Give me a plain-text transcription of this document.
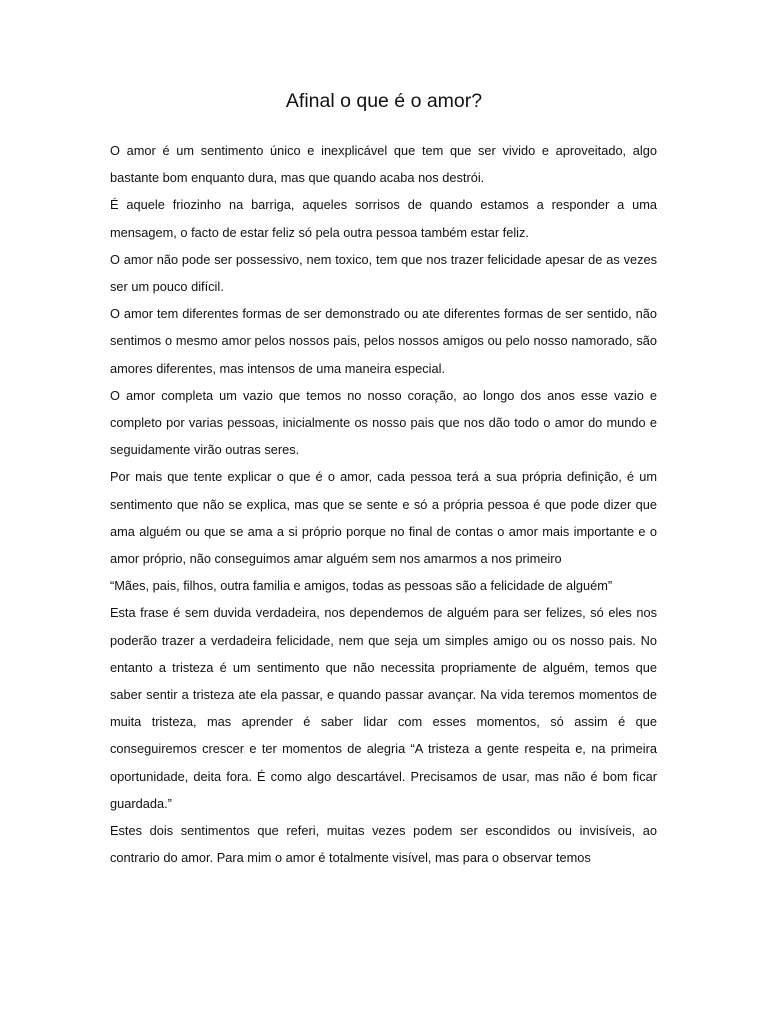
Afinal o que é o amor?

O amor é um sentimento único e inexplicável que tem que ser vivido e aproveitado, algo bastante bom enquanto dura, mas que quando acaba nos destrói.

É aquele friozinho na barriga, aqueles sorrisos de quando estamos a responder a uma mensagem, o facto de estar feliz só pela outra pessoa também estar feliz.

O amor não pode ser possessivo, nem toxico, tem que nos trazer felicidade apesar de as vezes ser um pouco difícil.

O amor tem diferentes formas de ser demonstrado ou ate diferentes formas de ser sentido, não sentimos o mesmo amor pelos nossos pais, pelos nossos amigos ou pelo nosso namorado, são amores diferentes, mas intensos de uma maneira especial.

O amor completa um vazio que temos no nosso coração, ao longo dos anos esse vazio e completo por varias pessoas, inicialmente os nosso pais que nos dão todo o amor do mundo e seguidamente virão outras seres.

Por mais que tente explicar o que é o amor, cada pessoa terá a sua própria definição, é um sentimento que não se explica, mas que se sente e só a própria pessoa é que pode dizer que ama alguém ou que se ama a si próprio porque no final de contas o amor mais importante e o amor próprio, não conseguimos amar alguém sem nos amarmos a nos primeiro

“Mães, pais, filhos, outra familia e amigos, todas as pessoas são a felicidade de alguém”

Esta frase é sem duvida verdadeira, nos dependemos de alguém para ser felizes, só eles nos poderão trazer a verdadeira felicidade, nem que seja um simples amigo ou os nosso pais. No entanto a tristeza é um sentimento que não necessita propriamente de alguém, temos que saber sentir a tristeza ate ela passar, e quando passar avançar. Na vida teremos momentos de muita tristeza, mas aprender é saber lidar com esses momentos, só assim é que conseguiremos crescer e ter momentos de alegria “A tristeza a gente respeita e, na primeira oportunidade, deita fora. É como algo descartável. Precisamos de usar, mas não é bom ficar guardada.”

Estes dois sentimentos que referi, muitas vezes podem ser escondidos ou invisíveis, ao contrario do amor. Para mim o amor é totalmente visível, mas para o observar temos
